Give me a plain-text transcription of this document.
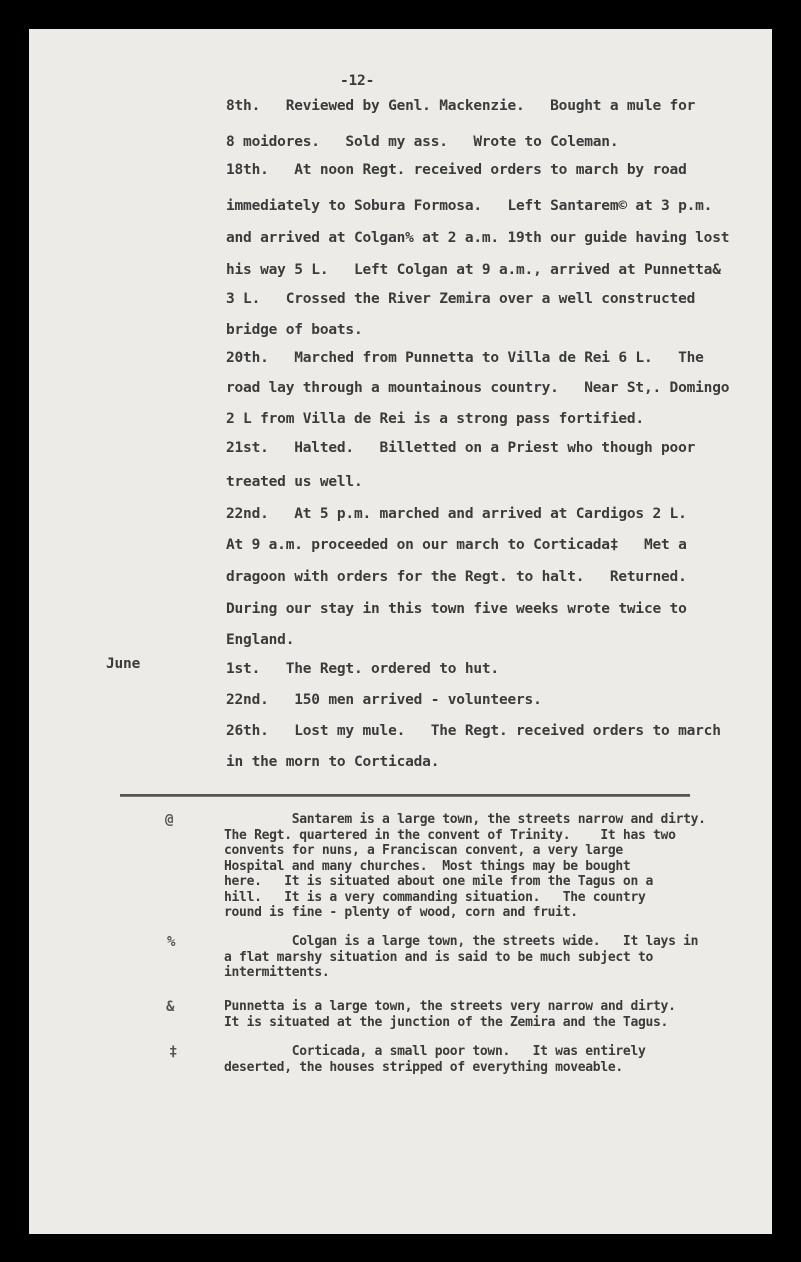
-12-
June
8th.   Reviewed by Genl. Mackenzie.   Bought a mule for
8 moidores.   Sold my ass.   Wrote to Coleman.
18th.   At noon Regt. received orders to march by road
immediately to Sobura Formosa.   Left Santarem© at 3 p.m.
and arrived at Colgan% at 2 a.m. 19th our guide having lost
his way 5 L.   Left Colgan at 9 a.m., arrived at Punnetta&
3 L.   Crossed the River Zemira over a well constructed
bridge of boats.
20th.   Marched from Punnetta to Villa de Rei 6 L.   The
road lay through a mountainous country.   Near St,. Domingo
2 L from Villa de Rei is a strong pass fortified.
21st.   Halted.   Billetted on a Priest who though poor
treated us well.
22nd.   At 5 p.m. marched and arrived at Cardigos 2 L.
At 9 a.m. proceeded on our march to Corticada‡   Met a
dragoon with orders for the Regt. to halt.   Returned.
During our stay in this town five weeks wrote twice to
England.
1st.   The Regt. ordered to hut.
22nd.   150 men arrived - volunteers.
26th.   Lost my mule.   The Regt. received orders to march
in the morn to Corticada.
@	Santarem is a large town, the streets narrow and dirty.
The Regt. quartered in the convent of Trinity.    It has two
convents for nuns, a Franciscan convent, a very large
Hospital and many churches.  Most things may be bought
here.   It is situated about one mile from the Tagus on a
hill.   It is a very commanding situation.   The country
round is fine - plenty of wood, corn and fruit.
%	Colgan is a large town, the streets wide.   It lays in
a flat marshy situation and is said to be much subject to
intermittents.
&	Punnetta is a large town, the streets very narrow and dirty.
It is situated at the junction of the Zemira and the Tagus.
‡	Corticada, a small poor town.   It was entirely
deserted, the houses stripped of everything moveable.
